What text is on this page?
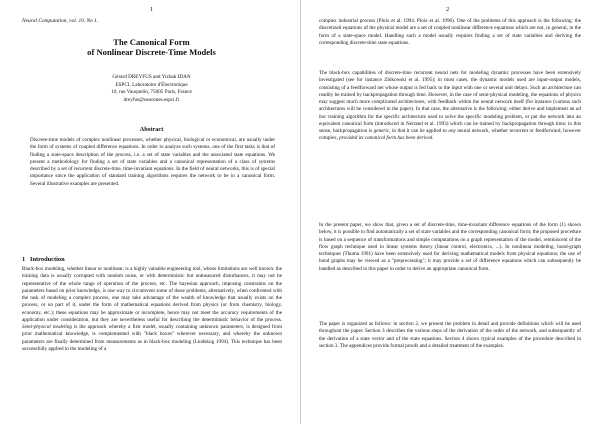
1
Neural Computation, vol. 10, No 1.
The Canonical Form
of Nonlinear Discrete-Time Models
Gérard DREYFUS and Yizhak IDAN
ESPCI, Laboratoire d'Électronique
10, rue Vauquelin, 75005 Paris, France
dreyfus@neurones.espci.fr
Abstract
Discrete-time models of complex nonlinear processes, whether physical, biological or economical, are usually under the form of systems of coupled difference equations. In order to analyze such systems, one of the first tasks is that of finding a state-space description of the process, i.e. a set of state variables and the associated state equations. We present a methodology for finding a set of state variables and a canonical representation of a class of systems described by a set of recurrent discrete-time, time-invariant equations. In the field of neural networks, this is of special importance since the application of standard training algorithms requires the network to be in a canonical form. Several illustrative examples are presented.
1   Introduction
Black-box modeling, whether linear or nonlinear, is a highly valuable engineering tool, whose limitations are well known: the training data is usually corrupted with random noise, or with deterministic but unmeasured disturbances, it may not be representative of the whole range of operation of the process, etc. The bayesian approach, imposing constraints on the parameters based on prior knowledge, is one way to circumvent some of these problems; alternatively, when confronted with the task of modeling a complex process, one may take advantage of the wealth of knowledge that usually exists on the process, or on part of it, under the form of mathematical equations derived from physics (or from chemistry, biology, economy, etc.); these equations may be approximate or incomplete, hence may not meet the accuracy requirements of the application under consideration, but they are nevertheless useful for describing the deterministic behavior of the process. Semi-physical modeling is the approach whereby a first model, usually containing unknown parameters, is designed from prior mathematical knowledge, is complemented with "black boxes" wherever necessary, and whereby the unknown parameters are finally determined from measurements as in black-box modeling (Lindskog 1994). This technique has been successfully applied to the modeling of a
2
complex industrial process (Ploix et al. 1994, Ploix et al. 1996). One of the problems of this approach is the following: the discretized equations of the physical model are a set of coupled nonlinear difference equations which are not, in general, in the form of a state-space model. Handling such a model usually requires finding a set of state variables and deriving the corresponding discrete-time state equations.
The black-box capabilities of discrete-time recurrent neural nets for modeling dynamic processes have been extensively investigated (see for instance Zbikowski et al. 1995); in most cases, the dynamic models used are input-output models, consisting of a feedforward net whose output is fed back to the input with one or several unit delays. Such an architecture can readily be trained by backpropagation through time. However, in the case of semi-physical modeling, the equations of physics may suggest much more complicated architectures, with feedback within the neural network itself (for instance (various such architectures will be considered in the paper). In that case, the alternative is the following: either derive and implement an ad hoc training algorithm for the specific architecture used to solve the specific modeling problem, or put the network into an equivalent canonical form (introduced in Nerrand et al. 1993) which can be trained by backpropagation through time; in this sense, backpropagation is generic, in that it can be applied to any neural network, whether recurrent or feedforward, however complex, provided its canonical form has been derived.
In the present paper, we show that, given a set of discrete-time, time-invariant difference equations of the form (1) shown below, it is possible to find automatically a set of state variables and the corresponding canonical form; the proposed procedure is based on a sequence of transformations and simple computations on a graph representation of the model, reminiscent of the flow graph technique used in linear systems theory (linear control, electronics, ...). In nonlinear modeling, bond-graph techniques (Thoma 1991) have been extensively used for deriving mathematical models from physical equations; the use of bond graphs may be viewed as a "preprocessing"; it may provide a set of difference equations which can subsequently be handled as described in this paper in order to derive an appropriate canonical form.
The paper is organized as follows: in section 2, we present the problem in detail and provide definitions which will be used throughout the paper. Section 3 describes the various steps of the derivation of the order of the network, and subsequently of the derivation of a state vector and of the state equations. Section 4 shows typical examples of the procedure described in section 3. The appendices provide formal proofs and a detailed treatment of the examples.
